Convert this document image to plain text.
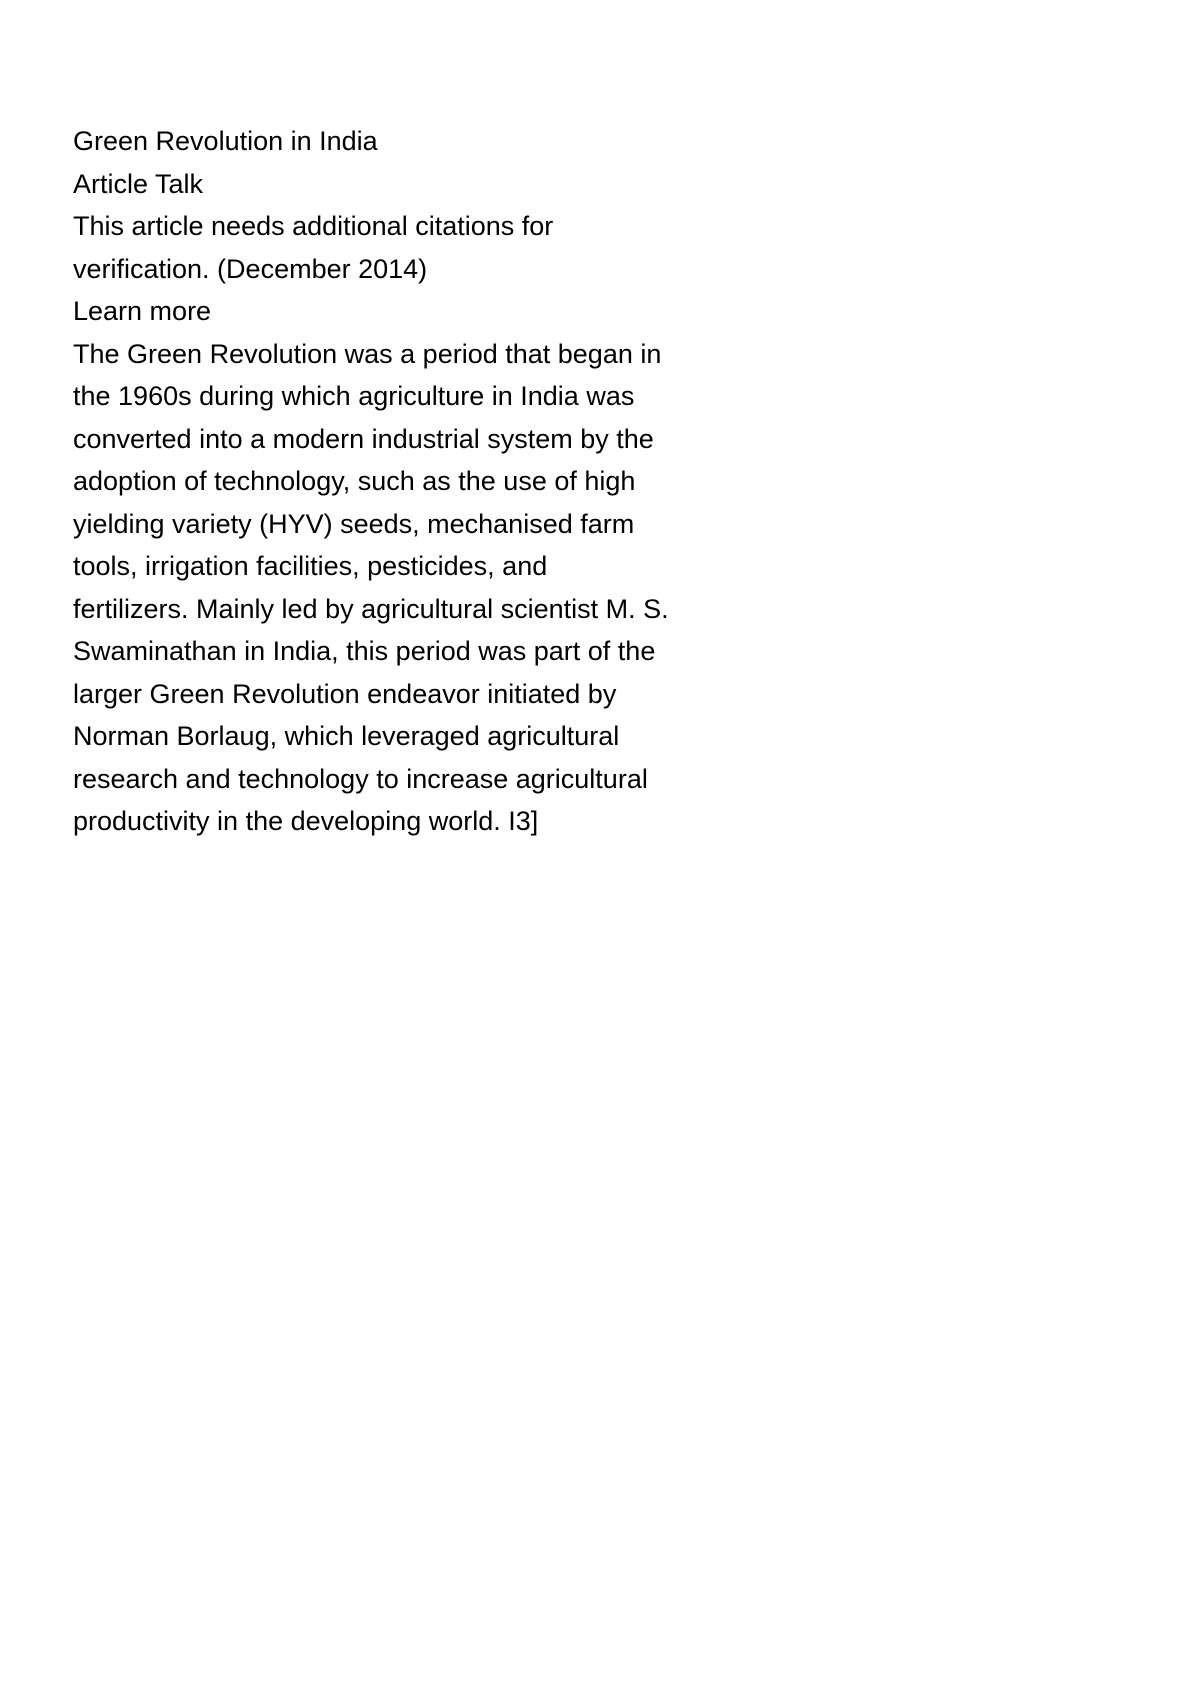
Green Revolution in India
Article Talk
This article needs additional citations for
verification. (December 2014)
Learn more
The Green Revolution was a period that began in
the 1960s during which agriculture in India was
converted into a modern industrial system by the
adoption of technology, such as the use of high
yielding variety (HYV) seeds, mechanised farm
tools, irrigation facilities, pesticides, and
fertilizers. Mainly led by agricultural scientist M. S.
Swaminathan in India, this period was part of the
larger Green Revolution endeavor initiated by
Norman Borlaug, which leveraged agricultural
research and technology to increase agricultural
productivity in the developing world. I3]
